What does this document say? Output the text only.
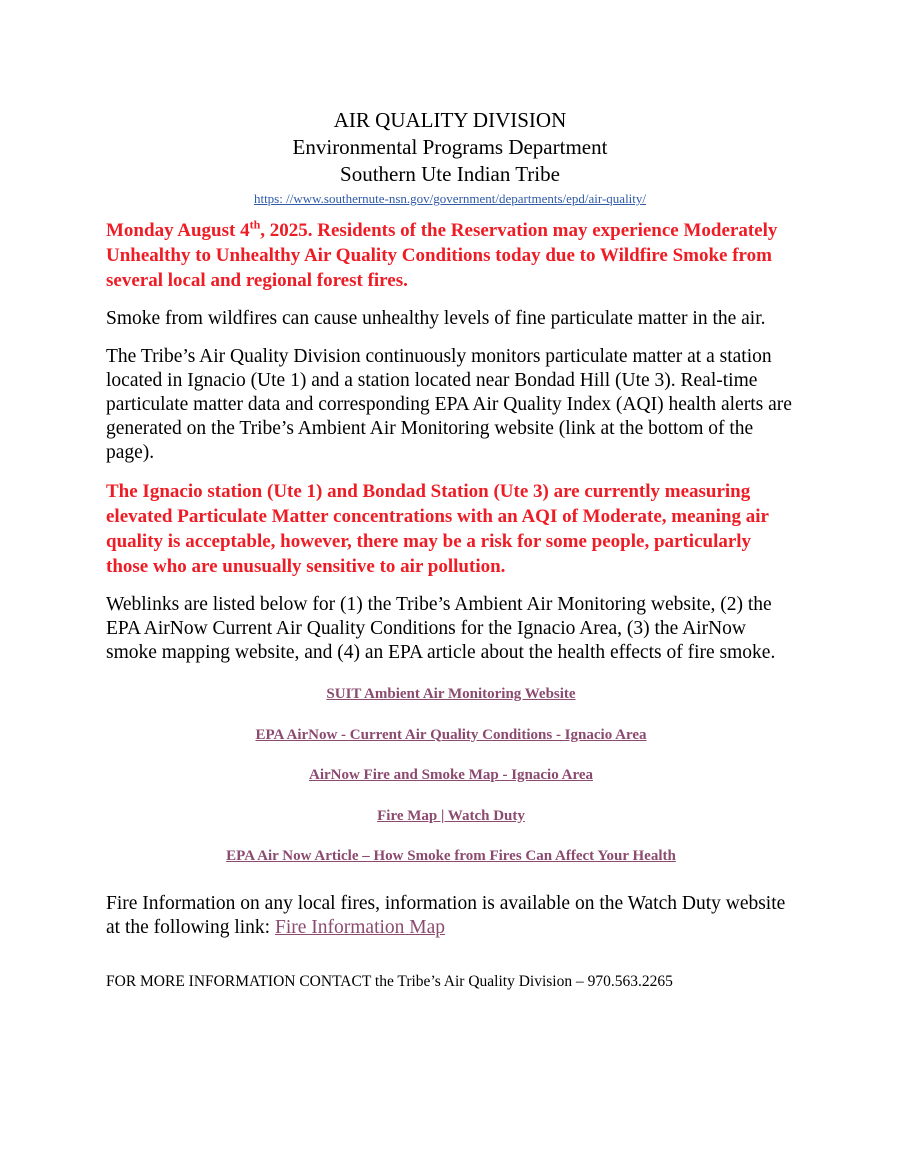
AIR QUALITY DIVISION
Environmental Programs Department
Southern Ute Indian Tribe
https: //www.southernute-nsn.gov/government/departments/epd/air-quality/

Monday August 4th, 2025. Residents of the Reservation may experience Moderately Unhealthy to Unhealthy Air Quality Conditions today due to Wildfire Smoke from several local and regional forest fires.

Smoke from wildfires can cause unhealthy levels of fine particulate matter in the air.

The Tribe’s Air Quality Division continuously monitors particulate matter at a station located in Ignacio (Ute 1) and a station located near Bondad Hill (Ute 3). Real-time particulate matter data and corresponding EPA Air Quality Index (AQI) health alerts are generated on the Tribe’s Ambient Air Monitoring website (link at the bottom of the page).

The Ignacio station (Ute 1) and Bondad Station (Ute 3) are currently measuring elevated Particulate Matter concentrations with an AQI of Moderate, meaning air quality is acceptable, however, there may be a risk for some people, particularly those who are unusually sensitive to air pollution.

Weblinks are listed below for (1) the Tribe’s Ambient Air Monitoring website, (2) the EPA AirNow Current Air Quality Conditions for the Ignacio Area, (3) the AirNow smoke mapping website, and (4) an EPA article about the health effects of fire smoke.

SUIT Ambient Air Monitoring Website
EPA AirNow - Current Air Quality Conditions - Ignacio Area
AirNow Fire and Smoke Map - Ignacio Area
Fire Map | Watch Duty
EPA Air Now Article – How Smoke from Fires Can Affect Your Health

Fire Information on any local fires, information is available on the Watch Duty website at the following link: Fire Information Map

FOR MORE INFORMATION CONTACT the Tribe’s Air Quality Division – 970.563.2265
